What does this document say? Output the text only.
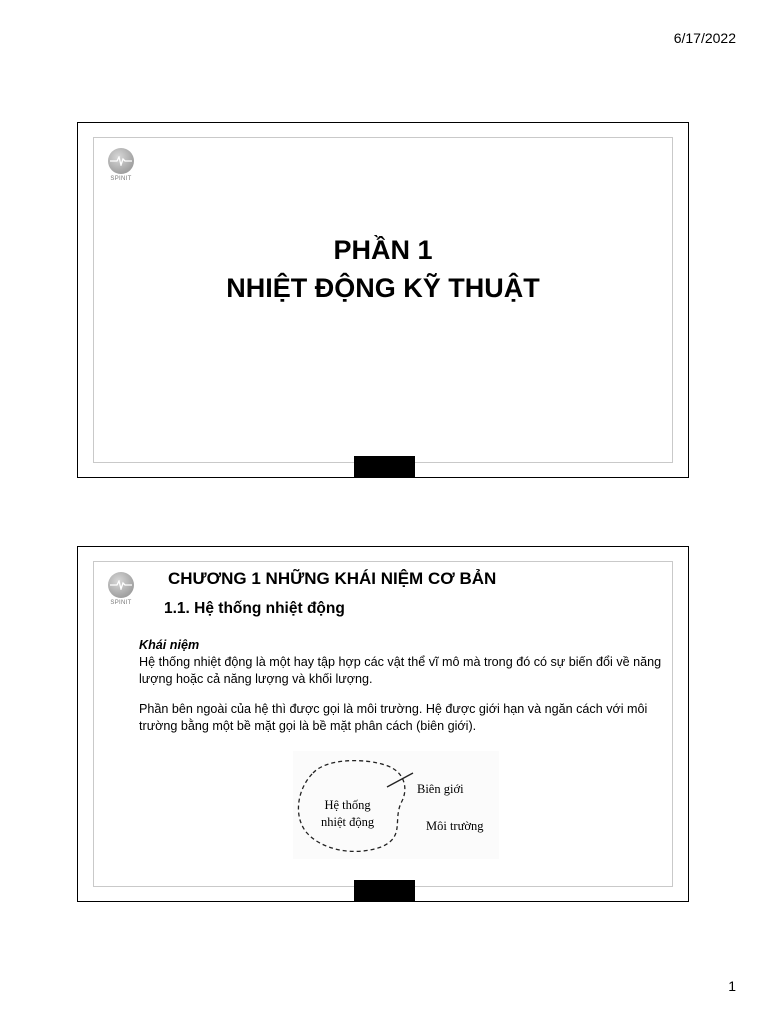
6/17/2022
SPINIT
PHẦN 1
NHIỆT ĐỘNG KỸ THUẬT
SPINIT
CHƯƠNG 1 NHỮNG KHÁI NIỆM CƠ BẢN
1.1. Hệ thống nhiệt động
Khái niệm

Hệ thống nhiệt động là một hay tập hợp các vật thể vĩ mô mà trong đó có sự biến đổi về năng lượng hoặc cả năng lượng và khối lượng.

Phần bên ngoài của hệ thì được gọi là môi trường. Hệ được giới hạn và ngăn cách với môi trường bằng một bề mặt gọi là bề mặt phân cách (biên giới).

Hệ thống
nhiệt động
Biên giới
Môi trường
1
